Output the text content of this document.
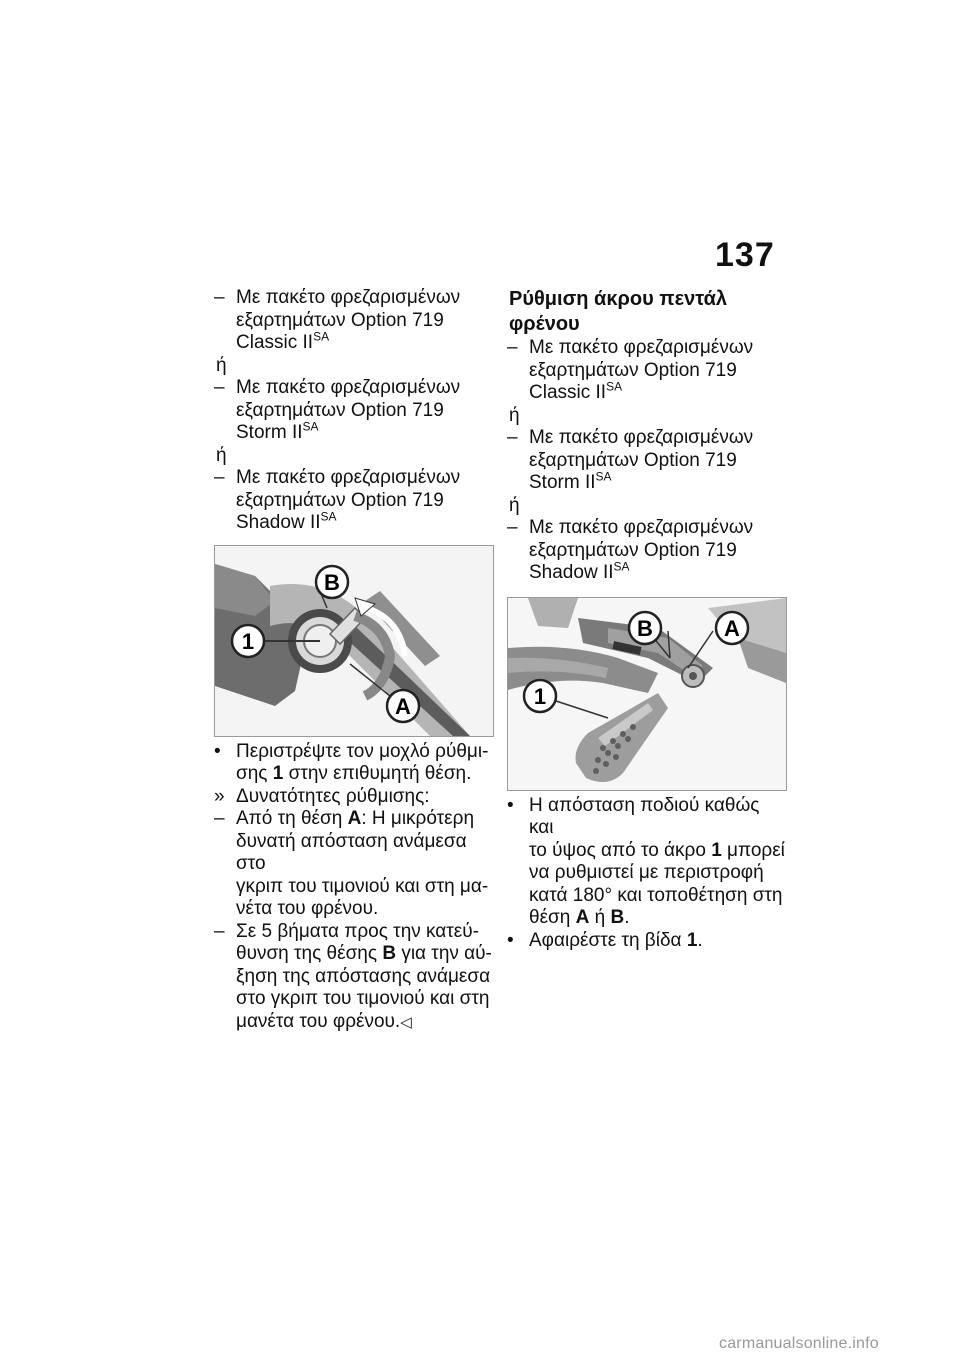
137
– Με πακέτο φρεζαρισμένων
εξαρτημάτων Option 719
Classic $II^{SA}$
ή
– Με πακέτο φρεζαρισμένων
εξαρτημάτων Option 719
Storm $II^{SA}$
ή
– Με πακέτο φρεζαρισμένων
εξαρτημάτων Option 719
Shadow $II^{SA}$
B
1
A
• Περιστρέψτε τον μοχλό ρύθμι-
σης 1 στην επιθυμητή θέση.
» Δυνατότητες ρύθμισης:
– Από τη θέση A: Η μικρότερη
δυνατή απόσταση ανάμεσα στο
γκριπ του τιμονιού και στη μα-
νέτα του φρένου.
– Σε 5 βήματα προς την κατεύ-
θυνση της θέσης B για την αύ-
ξηση της απόστασης ανάμεσα
στο γκριπ του τιμονιού και στη
μανέτα του φρένου.◁
Ρύθμιση άκρου πεντάλ
φρένου
– Με πακέτο φρεζαρισμένων
εξαρτημάτων Option 719
Classic $II^{SA}$
ή
– Με πακέτο φρεζαρισμένων
εξαρτημάτων Option 719
Storm $II^{SA}$
ή
– Με πακέτο φρεζαρισμένων
εξαρτημάτων Option 719
Shadow $II^{SA}$
B	A
1
• Η απόσταση ποδιού καθώς και
το ύψος από το άκρο 1 μπορεί
να ρυθμιστεί με περιστροφή
κατά 180° και τοποθέτηση στη
θέση A ή B.
• Αφαιρέστε τη βίδα 1.
carmanualsonline.info
